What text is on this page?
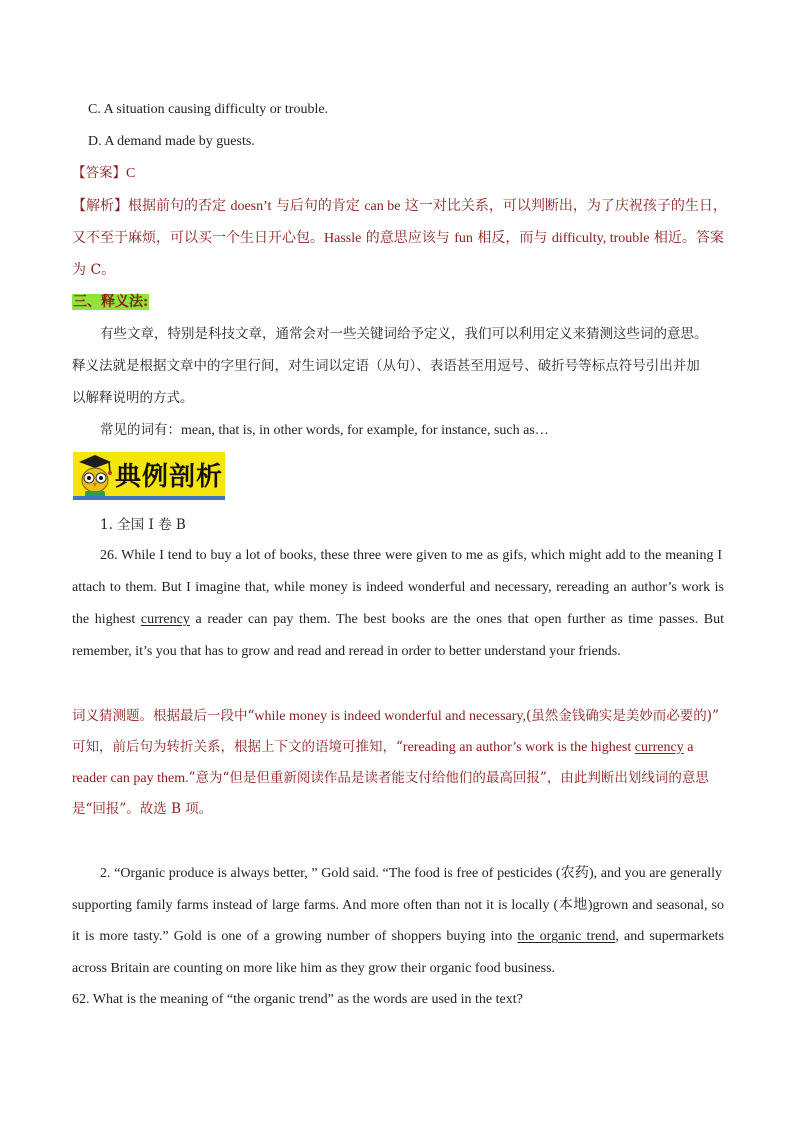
C. A situation causing difficulty or trouble.
D. A demand made by guests.
【答案】C
【解析】根据前句的否定 doesn’t 与后句的肯定 can be 这一对比关系，可以判断出，为了庆祝孩子的生日，
又不至于麻烦，可以买一个生日开心包。Hassle 的意思应该与 fun 相反，而与 difficulty, trouble 相近。答案
为 C。
三、释义法:
有些文章，特别是科技文章，通常会对一些关键词给予定义，我们可以利用定义来猜测这些词的意思。
释义法就是根据文章中的字里行间，对生词以定语（从句）、表语甚至用逗号、破折号等标点符号引出并加
以解释说明的方式。
常见的词有：mean, that is, in other words, for example, for instance, such as…
典例剖析
1. 全国 I 卷 B
26. While I tend to buy a lot of books, these three were given to me as gifs, which might add to the meaning I
attach to them. But I imagine that, while money is indeed wonderful and necessary, rereading an author’s work is
the highest currency a reader can pay them. The best books are the ones that open further as time passes. But
remember, it’s you that has to grow and read and reread in order to better understand your friends.
词义猜测题。根据最后一段中“while money is indeed wonderful and necessary,(虽然金钱确实是美妙而必要的)”
可知，前后句为转折关系，根据上下文的语境可推知，“rereading an author’s work is the highest currency a
reader can pay them.”意为“但是但重新阅读作品是读者能支付给他们的最高回报”，由此判断出划线词的意思
是“回报”。故选 B 项。
2. “Organic produce is always better, ” Gold said. “The food is free of pesticides (农药), and you are generally
supporting family farms instead of large farms. And more often than not it is locally (本地)grown and seasonal, so
it is more tasty.” Gold is one of a growing number of shoppers buying into the organic trend, and supermarkets
across Britain are counting on more like him as they grow their organic food business.
62. What is the meaning of “the organic trend” as the words are used in the text?
